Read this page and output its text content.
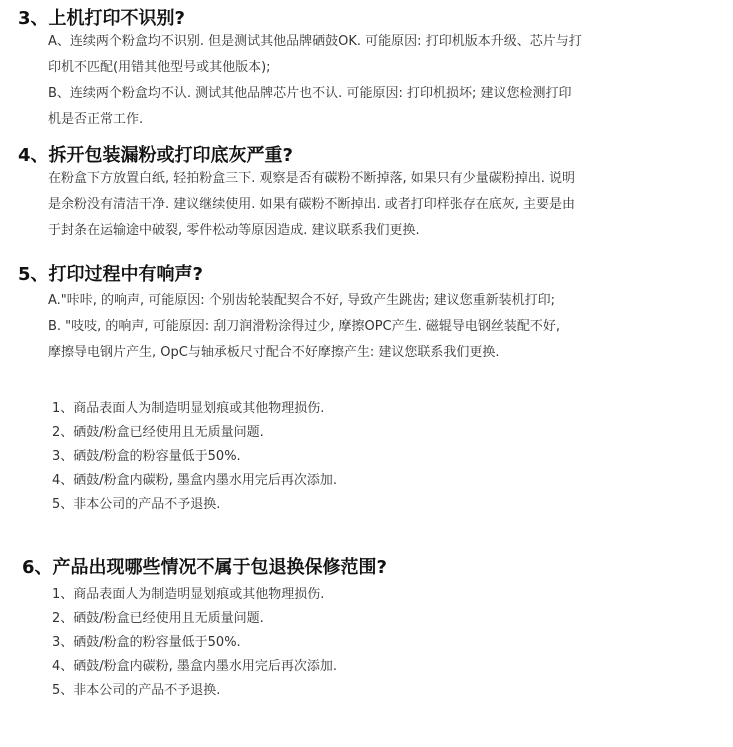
3、上机打印不识别?

A、连续两个粉盒均不识别. 但是测试其他品牌硒鼓OK. 可能原因: 打印机版本升级、芯片与打

印机不匹配(用错其他型号或其他版本);

B、连续两个粉盒均不认. 测试其他品牌芯片也不认. 可能原因: 打印机损坏; 建议您检测打印

机是否正常工作.

4、拆开包装漏粉或打印底灰严重?

在粉盒下方放置白纸, 轻拍粉盒三下. 观察是否有碳粉不断掉落, 如果只有少量碳粉掉出. 说明

是余粉没有清洁干净. 建议继续使用. 如果有碳粉不断掉出. 或者打印样张存在底灰, 主要是由

于封条在运输途中破裂, 零件松动等原因造成. 建议联系我们更换.

5、打印过程中有响声?

A."咔咔, 的响声, 可能原因: 个别齿轮装配契合不好, 导致产生跳齿; 建议您重新装机打印;

B. "吱吱, 的响声, 可能原因: 刮刀润滑粉涂得过少, 摩擦OPC产生. 磁辊导电钢丝装配不好,

摩擦导电钢片产生, OpC与轴承板尺寸配合不好摩擦产生: 建议您联系我们更换.

1、商品表面人为制造明显划痕或其他物理损伤.
2、硒鼓/粉盒已经使用且无质量问题.
3、硒鼓/粉盒的粉容量低于50%.
4、硒鼓/粉盒内碳粉, 墨盒内墨水用完后再次添加.
5、非本公司的产品不予退换.
6、产品出现哪些情况不属于包退换保修范围?
1、商品表面人为制造明显划痕或其他物理损伤.
2、硒鼓/粉盒已经使用且无质量问题.
3、硒鼓/粉盒的粉容量低于50%.
4、硒鼓/粉盒内碳粉, 墨盒内墨水用完后再次添加.
5、非本公司的产品不予退换.
